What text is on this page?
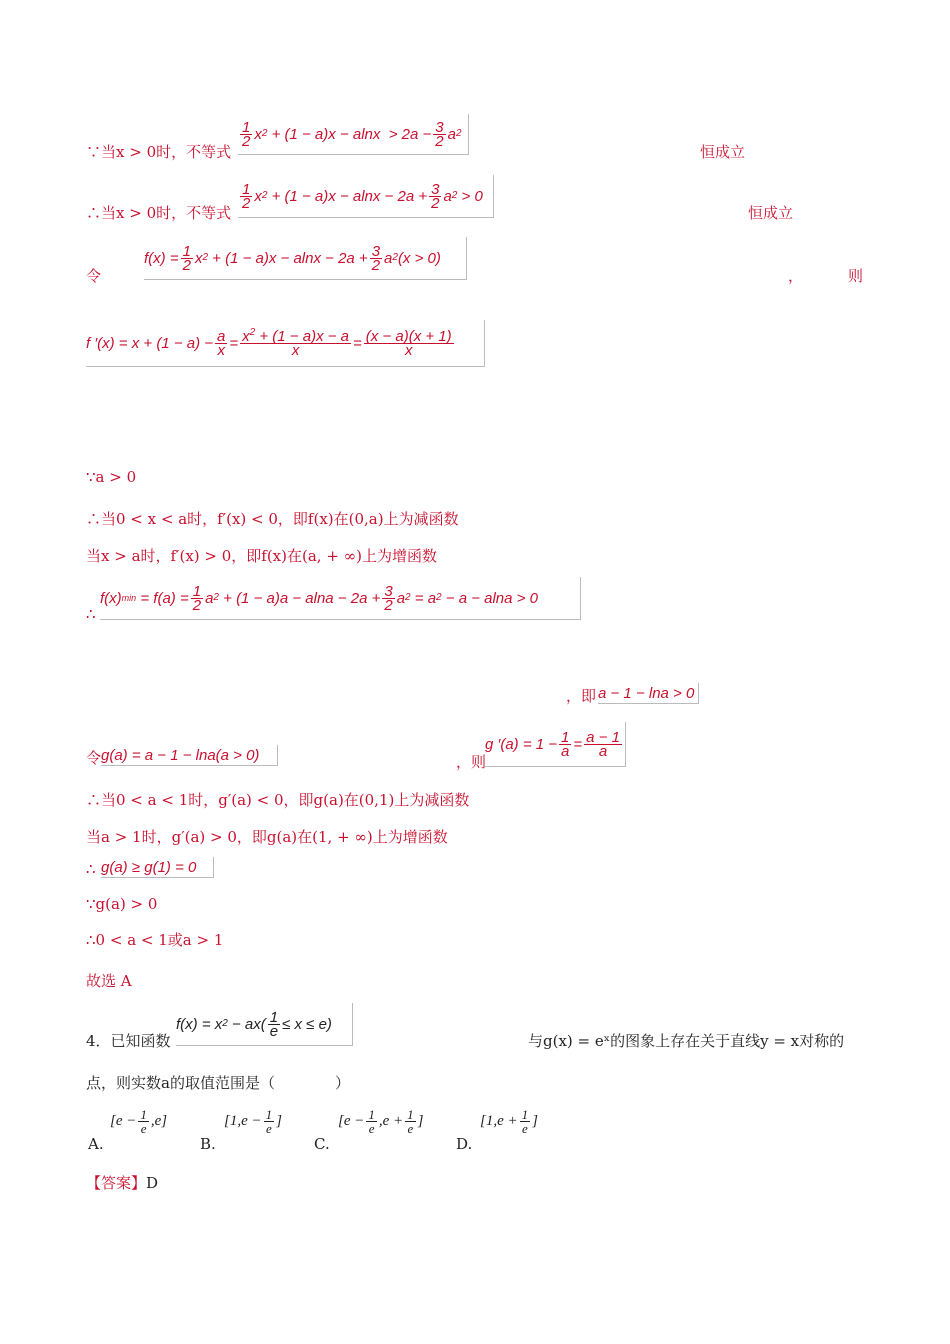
∵当x > 0时，不等式
$\frac{1}{2}$ x $2 + (1 - a)x - alnx > 2a - \frac{3}{2}$ a 2
恒成立
∴当x > 0时，不等式
$\frac{1}{2}$ x $2 + (1 - a)x - alnx - 2a + \frac{3}{2}$ a 2 > 0
恒成立
令
$f(x) = \frac{1}{2}$ x $2 + (1 - a)x - alnx - 2a + \frac{3}{2}$ a 2 (x > 0)
，	则
f $'(x) = x + (1 - a) - \frac{a}{x} = \frac{x^2 + (1 - a)x - a}{x} = \frac{(x - a)(x + 1)}{x}$
∵a > 0
∴当0 < x < a时，f′(x) < 0，即f(x)在(0,a)上为减函数
当x > a时，f′(x) > 0，即f(x)在(a, + ∞)上为增函数
∴
f(x) $\min = f(a) = \frac{1}{2}$ a $2 + (1 - a)a - alna - 2a + \frac{3}{2}$ a 2 = a 2 − a − alna > 0
，即 a − 1 − lna > 0
令 g(a) = a − 1 − lna(a > 0)	，则
g $'(a) = 1 - \frac{1}{a} = \frac{a - 1}{a}$
∴当0 < a < 1时，g′(a) < 0，即g(a)在(0,1)上为减函数
当a > 1时，g′(a) > 0，即g(a)在(1, + ∞)上为增函数
∴ g(a) ≥ g(1) = 0
∵g(a) > 0
∴0 < a < 1或a > 1
故选 A
4．已知函数
f(x) = x $2 - ax( \frac{1}{e} \le x \le e)$
与g(x) = eˣ的图象上存在关于直线y = x对称的
点，则实数a的取值范围是（　　　　）
A.
$[e - \frac{1}{e} ,e]$
B.
[$1,e - \frac{1}{e}$ ]
C.
[$e - \frac{1}{e} ,e + \frac{1}{e}$ ]
D.
[$1,e + \frac{1}{e}$ ]
【答案】D
